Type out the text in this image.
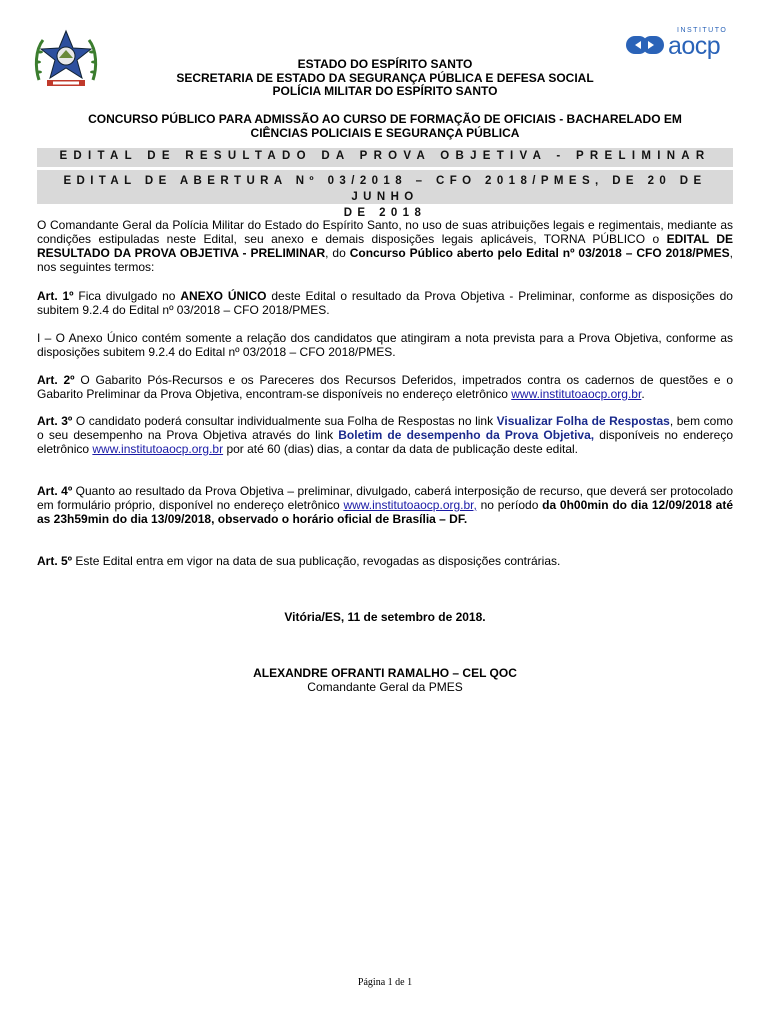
INSTITUTO
aocp
ESTADO DO ESPÍRITO SANTO
SECRETARIA DE ESTADO DA SEGURANÇA PÚBLICA E DEFESA SOCIAL
POLÍCIA MILITAR DO ESPÍRITO SANTO
CONCURSO PÚBLICO PARA ADMISSÃO AO CURSO DE FORMAÇÃO DE OFICIAIS - BACHARELADO EM
CIÊNCIAS POLICIAIS E SEGURANÇA PÚBLICA
EDITAL DE RESULTADO DA PROVA OBJETIVA - PRELIMINAR
EDITAL DE ABERTURA Nº 03/2018 – CFO 2018/PMES, DE 20 DE JUNHO
DE 2018

O Comandante Geral da Polícia Militar do Estado do Espírito Santo, no uso de suas atribuições legais e regimentais, mediante as condições estipuladas neste Edital, seu anexo e demais disposições legais aplicáveis, TORNA PÚBLICO o EDITAL DE RESULTADO DA PROVA OBJETIVA - PRELIMINAR, do Concurso Público aberto pelo Edital nº 03/2018 – CFO 2018/PMES, nos seguintes termos:

Art. 1º Fica divulgado no ANEXO ÚNICO deste Edital o resultado da Prova Objetiva - Preliminar, conforme as disposições do subitem 9.2.4 do Edital nº 03/2018 – CFO 2018/PMES.

I – O Anexo Único contém somente a relação dos candidatos que atingiram a nota prevista para a Prova Objetiva, conforme as disposições subitem 9.2.4 do Edital nº 03/2018 – CFO 2018/PMES.

Art. 2º O Gabarito Pós-Recursos e os Pareceres dos Recursos Deferidos, impetrados contra os cadernos de questões e o Gabarito Preliminar da Prova Objetiva, encontram-se disponíveis no endereço eletrônico www.institutoaocp.org.br.

Art. 3º O candidato poderá consultar individualmente sua Folha de Respostas no link Visualizar Folha de Respostas, bem como o seu desempenho na Prova Objetiva através do link Boletim de desempenho da Prova Objetiva, disponíveis no endereço eletrônico www.institutoaocp.org.br por até 60 (dias) dias, a contar da data de publicação deste edital.

Art. 4º Quanto ao resultado da Prova Objetiva – preliminar, divulgado, caberá interposição de recurso, que deverá ser protocolado em formulário próprio, disponível no endereço eletrônico www.institutoaocp.org.br, no período da 0h00min do dia 12/09/2018 até as 23h59min do dia 13/09/2018, observado o horário oficial de Brasília – DF.

Art. 5º Este Edital entra em vigor na data de sua publicação, revogadas as disposições contrárias.

Vitória/ES, 11 de setembro de 2018.
ALEXANDRE OFRANTI RAMALHO – CEL QOC
Comandante Geral da PMES
Página 1 de 1
